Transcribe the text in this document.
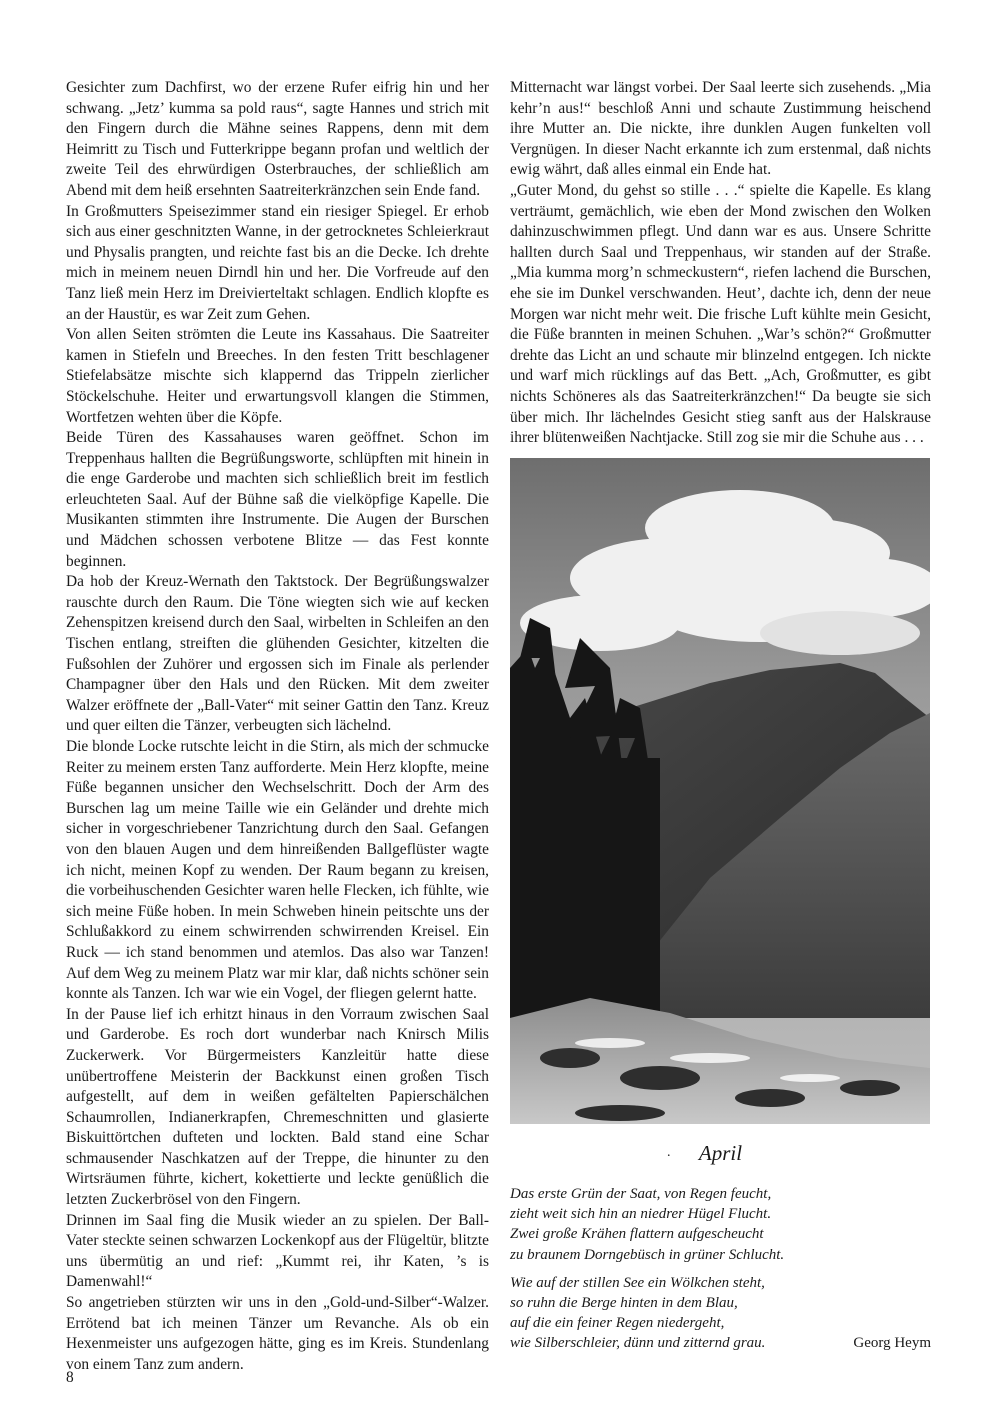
Gesichter zum Dachfirst, wo der erzene Rufer eifrig hin und her schwang. „Jetz’ kumma sa pold raus“, sagte Hannes und strich mit den Fingern durch die Mähne seines Rappens, denn mit dem Heimritt zu Tisch und Futterkrippe begann profan und weltlich der zweite Teil des ehrwürdigen Osterbrauches, der schließlich am Abend mit dem heiß ersehnten Saatreiterkränzchen sein Ende fand.

In Großmutters Speisezimmer stand ein riesiger Spiegel. Er erhob sich aus einer geschnitzten Wanne, in der getrocknetes Schleierkraut und Physalis prangten, und reichte fast bis an die Decke. Ich drehte mich in meinem neuen Dirndl hin und her. Die Vorfreude auf den Tanz ließ mein Herz im Dreivierteltakt schlagen. Endlich klopfte es an der Haustür, es war Zeit zum Gehen.

Von allen Seiten strömten die Leute ins Kassahaus. Die Saatreiter kamen in Stiefeln und Breeches. In den festen Tritt beschlagener Stiefelabsätze mischte sich klappernd das Trippeln zierlicher Stöckelschuhe. Heiter und erwartungsvoll klangen die Stimmen, Wortfetzen wehten über die Köpfe.

Beide Türen des Kassahauses waren geöffnet. Schon im Treppenhaus hallten die Begrüßungsworte, schlüpften mit hinein in die enge Garderobe und machten sich schließlich breit im festlich erleuchteten Saal. Auf der Bühne saß die vielköpfige Kapelle. Die Musikanten stimmten ihre Instrumente. Die Augen der Burschen und Mädchen schossen verbotene Blitze — das Fest konnte beginnen.

Da hob der Kreuz-Wernath den Taktstock. Der Begrüßungswalzer rauschte durch den Raum. Die Töne wiegten sich wie auf kecken Zehenspitzen kreisend durch den Saal, wirbelten in Schleifen an den Tischen entlang, streiften die glühenden Gesichter, kitzelten die Fußsohlen der Zuhörer und ergossen sich im Finale als perlender Champagner über den Hals und den Rücken. Mit dem zweiter Walzer eröffnete der „Ball-Vater“ mit seiner Gattin den Tanz. Kreuz und quer eilten die Tänzer, verbeugten sich lächelnd.

Die blonde Locke rutschte leicht in die Stirn, als mich der schmucke Reiter zu meinem ersten Tanz aufforderte. Mein Herz klopfte, meine Füße begannen unsicher den Wechselschritt. Doch der Arm des Burschen lag um meine Taille wie ein Geländer und drehte mich sicher in vorgeschriebener Tanzrichtung durch den Saal. Gefangen von den blauen Augen und dem hinreißenden Ballgeflüster wagte ich nicht, meinen Kopf zu wenden. Der Raum begann zu kreisen, die vorbeihuschenden Gesichter waren helle Flecken, ich fühlte, wie sich meine Füße hoben. In mein Schweben hinein peitschte uns der Schlußakkord zu einem schwirrenden schwirrenden Kreisel. Ein Ruck — ich stand benommen und atemlos. Das also war Tanzen! Auf dem Weg zu meinem Platz war mir klar, daß nichts schöner sein konnte als Tanzen. Ich war wie ein Vogel, der fliegen gelernt hatte.

In der Pause lief ich erhitzt hinaus in den Vorraum zwischen Saal und Garderobe. Es roch dort wunderbar nach Knirsch Milis Zuckerwerk. Vor Bürgermeisters Kanzleitür hatte diese unübertroffene Meisterin der Backkunst einen großen Tisch aufgestellt, auf dem in weißen gefältelten Papierschälchen Schaumrollen, Indianerkrapfen, Chremeschnitten und glasierte Biskuittörtchen dufteten und lockten. Bald stand eine Schar schmausender Naschkatzen auf der Treppe, die hinunter zu den Wirtsräumen führte, kichert, kokettierte und leckte genüßlich die letzten Zuckerbrösel von den Fingern.

Drinnen im Saal fing die Musik wieder an zu spielen. Der Ball-Vater steckte seinen schwarzen Lockenkopf aus der Flügeltür, blitzte uns übermütig an und rief: „Kummt rei, ihr Katen, ’s is Damenwahl!“

So angetrieben stürzten wir uns in den „Gold-und-Silber“-Walzer. Errötend bat ich meinen Tänzer um Revanche. Als ob ein Hexenmeister uns aufgezogen hätte, ging es im Kreis. Stundenlang von einem Tanz zum andern.

Mitternacht war längst vorbei. Der Saal leerte sich zusehends. „Mia kehr’n aus!“ beschloß Anni und schaute Zustimmung heischend ihre Mutter an. Die nickte, ihre dunklen Augen funkelten voll Vergnügen. In dieser Nacht erkannte ich zum erstenmal, daß nichts ewig währt, daß alles einmal ein Ende hat.

„Guter Mond, du gehst so stille . . .“ spielte die Kapelle. Es klang verträumt, gemächlich, wie eben der Mond zwischen den Wolken dahinzuschwimmen pflegt. Und dann war es aus. Unsere Schritte hallten durch Saal und Treppenhaus, wir standen auf der Straße. „Mia kumma morg’n schmeckustern“, riefen lachend die Burschen, ehe sie im Dunkel verschwanden. Heut’, dachte ich, denn der neue Morgen war nicht mehr weit. Die frische Luft kühlte mein Gesicht, die Füße brannten in meinen Schuhen. „War’s schön?“ Großmutter drehte das Licht an und schaute mir blinzelnd entgegen. Ich nickte und warf mich rücklings auf das Bett. „Ach, Großmutter, es gibt nichts Schöneres als das Saatreiterkränzchen!“ Da beugte sie sich über mich. Ihr lächelndes Gesicht stieg sanft aus der Halskrause ihrer blütenweißen Nachtjacke. Still zog sie mir die Schuhe aus . . .

. April
Das erste Grün der Saat, von Regen feucht,
zieht weit sich hin an niedrer Hügel Flucht.
Zwei große Krähen flattern aufgescheucht
zu braunem Dorngebüsch in grüner Schlucht.
Wie auf der stillen See ein Wölkchen steht,
so ruhn die Berge hinten in dem Blau,
auf die ein feiner Regen niedergeht,
wie Silberschleier, dünn und zitternd grau.	Georg Heym
8
